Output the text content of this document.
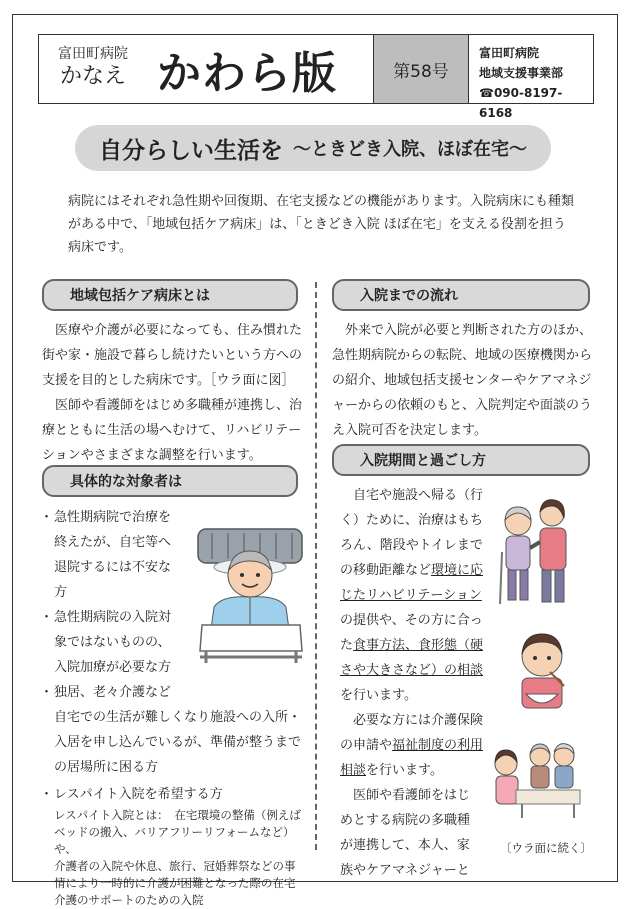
富田町病院
かなえ かわら版	第58号
富田町病院
地域支援事業部
☎090-8197-6168
自分らしい生活を ～ときどき入院、ほぼ在宅～

病院にはそれぞれ急性期や回復期、在宅支援などの機能があります。入院病床にも種類

がある中で、「地域包括ケア病床」は、「ときどき入院 ほぼ在宅」を支える役割を担う

病床です。

地域包括ケア病床とは
　医療や介護が必要になっても、住み慣れた
街や家・施設で暮らし続けたいという方への
支援を目的とした病床です。［ウラ面に図］
　医師や看護師をはじめ多職種が連携し、治
療とともに生活の場へむけて、リハビリテー
ションやさまざまな調整を行います。
具体的な対象者は
・ 急性期病院で治療を
終えたが、自宅等へ
退院するには不安な
方
・ 急性期病院の入院対
象ではないものの、
入院加療が必要な方
・ 独居、老々介護など
自宅での生活が難しくなり施設への入所・
入居を申し込んでいるが、準備が整うまで
の居場所に困る方
・ レスパイト入院を希望する方
レスパイト入院とは：　在宅環境の整備（例えば
ベッドの搬入、バリアフリーリフォームなど）や、
介護者の入院や休息、旅行、冠婚葬祭などの事
情により一時的に介護が困難となった際の在宅
介護のサポートのための入院
入院までの流れ
　外来で入院が必要と判断された方のほか、
急性期病院からの転院、地域の医療機関から
の紹介、地域包括支援センターやケアマネジ
ャーからの依頼のもと、入院判定や面談のう
え入院可否を決定します。
入院期間と過ごし方
　自宅や施設へ帰る（行
く）ために、治療はもち
ろん、階段やトイレまで
の移動距離など環境に応
じたリハビリテーション
の提供や、その方に合っ
た食事方法、食形態（硬
さや大きさなど）の相談
を行います。
　必要な方には介護保険
の申請や福祉制度の利用
相談を行います。
　医師や看護師をはじ
めとする病院の多職種
が連携して、本人、家
族やケアマネジャーと
〔ウラ面に続く〕
